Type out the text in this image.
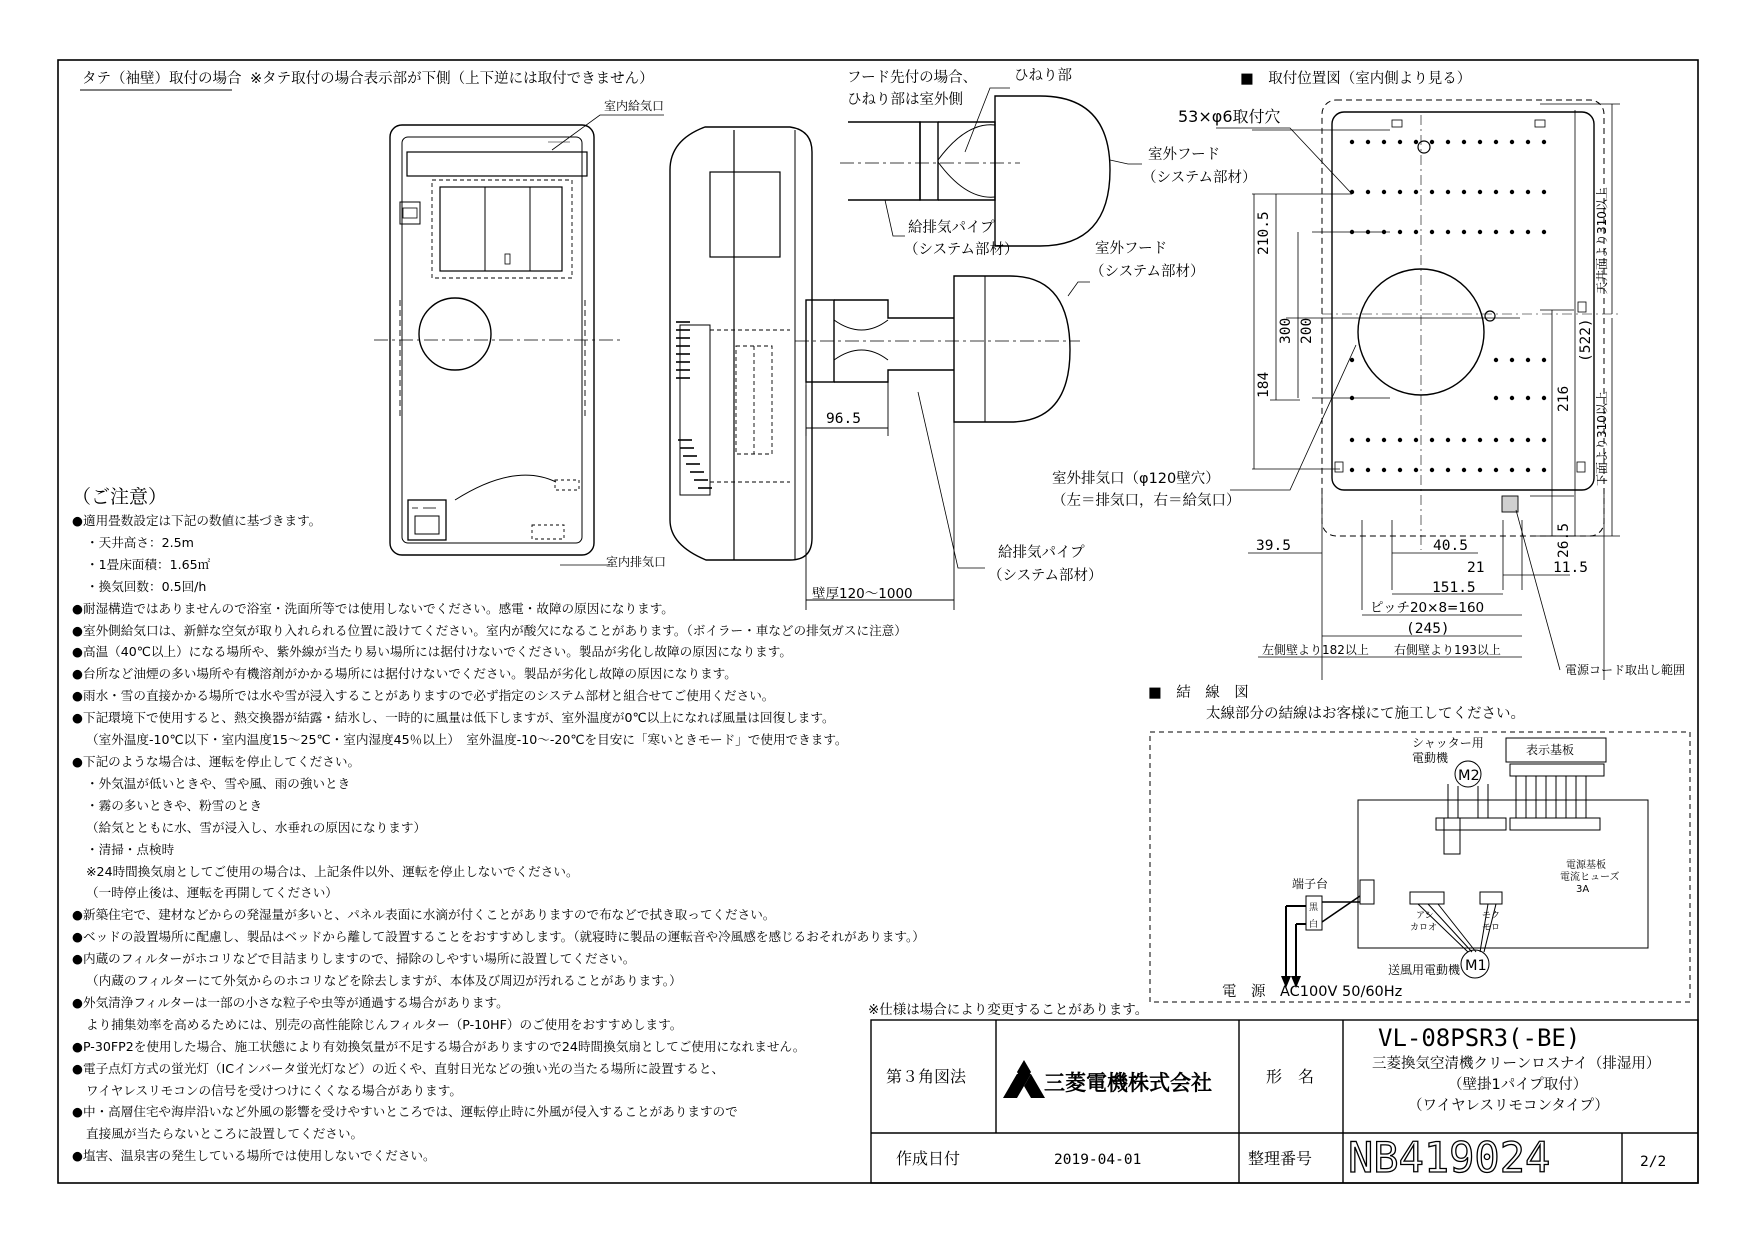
タテ（袖壁）取付の場合 ※タテ取付の場合表示部が下側（上下逆には取付できません）	■　取付位置図（室内側より見る）
室内給気口
室内排気口
フード先付の場合、
ひねり部は室外側
ひねり部
室外フード
（システム部材）
給排気パイプ
（システム部材）	室外フード
（システム部材）
給排気パイプ
（システム部材）
96.5
壁厚120～1000
53×φ6取付穴
室外排気口（φ120壁穴）
（左＝排気口，右＝給気口）
210.5
300 200
184
(522)
216
26.5
天井面より310以上
下面より310以上
39.5	40.5
21	11.5
151.5
ピッチ20×8=160
(245)
左側壁より182以上 右側壁より193以上
電源コード取出し範囲
■　結　線　図
太線部分の結線はお客様にて施工してください。
シャッター用
電動機
M2
表示基板
電源基板
電流ヒューズ
3A
端子台
黒
白
アシ
カロオ
モク
モロ
送風用電動機 M1
電　源　AC100V 50/60Hz
※仕様は場合により変更することがあります。
第３角図法	三菱電機株式会社	形　名
VL-08PSR3(-BE)
三菱換気空清機クリーンロスナイ（排湿用）
（壁掛1パイプ取付）
（ワイヤレスリモコンタイプ）
作成日付	2019-04-01	整理番号 NB419024	2/2
（ご注意）
●適用畳数設定は下記の数値に基づきます。
・天井高さ：2.5m
・1畳床面積：1.65㎡
・換気回数：0.5回/h
●耐湿構造ではありませんので浴室・洗面所等では使用しないでください。感電・故障の原因になります。
●室外側給気口は、新鮮な空気が取り入れられる位置に設けてください。室内が酸欠になることがあります。（ボイラー・車などの排気ガスに注意）
●高温（40℃以上）になる場所や、紫外線が当たり易い場所には据付けないでください。製品が劣化し故障の原因になります。
●台所など油煙の多い場所や有機溶剤がかかる場所には据付けないでください。製品が劣化し故障の原因になります。
●雨水・雪の直接かかる場所では水や雪が浸入することがありますので必ず指定のシステム部材と組合せてご使用ください。
●下記環境下で使用すると、熱交換器が結露・結氷し、一時的に風量は低下しますが、室外温度が0℃以上になれば風量は回復します。
（室外温度-10℃以下・室内温度15～25℃・室内湿度45％以上）　室外温度-10～-20℃を目安に「寒いときモード」で使用できます。
●下記のような場合は、運転を停止してください。
・外気温が低いときや、雪や風、雨の強いとき
・霧の多いときや、粉雪のとき
（給気とともに水、雪が浸入し、水垂れの原因になります）
・清掃・点検時
※24時間換気扇としてご使用の場合は、上記条件以外、運転を停止しないでください。
（一時停止後は、運転を再開してください）
●新築住宅で、建材などからの発湿量が多いと、パネル表面に水滴が付くことがありますので布などで拭き取ってください。
●ベッドの設置場所に配慮し、製品はベッドから離して設置することをおすすめします。（就寝時に製品の運転音や冷風感を感じるおそれがあります。）
●内蔵のフィルターがホコリなどで目詰まりしますので、掃除のしやすい場所に設置してください。
（内蔵のフィルターにて外気からのホコリなどを除去しますが、本体及び周辺が汚れることがあります。）
●外気清浄フィルターは一部の小さな粒子や虫等が通過する場合があります。
より捕集効率を高めるためには、別売の高性能除じんフィルター（P-10HF）のご使用をおすすめします。
●P-30FP2を使用した場合、施工状態により有効換気量が不足する場合がありますので24時間換気扇としてご使用になれません。
●電子点灯方式の蛍光灯（ICインバータ蛍光灯など）の近くや、直射日光などの強い光の当たる場所に設置すると、
ワイヤレスリモコンの信号を受けつけにくくなる場合があります。
●中・高層住宅や海岸沿いなど外風の影響を受けやすいところでは、運転停止時に外風が侵入することがありますので
直接風が当たらないところに設置してください。
●塩害、温泉害の発生している場所では使用しないでください。
